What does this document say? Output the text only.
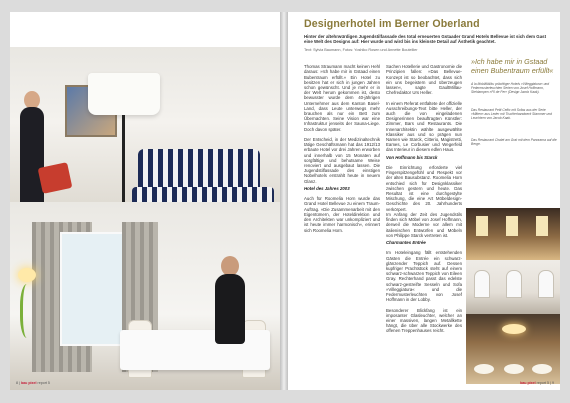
8 | bau pixel report 5
Designerhotel im Berner Oberland
Hinter der altehrwürdigen Jugendstilfassade des total erneuerten Gstaader Grand Hotels Bellevue ist sich dem Gast eine Welt des Designs auf: Hier wurde und wird bis ins kleinste Detail auf Ästhetik geachtet.
Text: Sylvia Baumann, Fotos: Yoshiko Rosen und Annette Boutellier

Thomas Straumann macht keinen Hehl daraus: »Ich habe mir in Gstaad einen Bubentraum erfüllt.« Ein Hotel zu besitzen hat er sich in jungen Jahren schon gewünscht. Und je mehr er in der Welt herum gekommen ist, desto bewusster wurde dem 40-jährigen Unternehmer aus dem Kanton Basel-Land, dass Leute unterwegs mehr brauchen als nur ein Bett zum Übernachten. Seine Vision war eine Infrastruktur jenseits der Sauna-Liege. Doch davon später.

Der Entscheid, in der Medizinaltechnik tätige Geschäftsmann hat das 1912/13 erbaute Hotel vor drei Jahren erworben und innerhalb von 15 Monaten auf sorgfältige und behutsame Weise renoviert und ausgebaut lassen. Die Jugendstilfassade des einstigen Nobelhotels erstrahlt heute in neuem Glanz.

Hotel des Jahres 2003

Auch für Roomelia Horn wurde das Grand Hotel Bellevue zu einem Traum-Auftrag. »Die Zusammenarbeit mit den Eigentümern, der Hoteldirektion und den Architekten war unkompliziert und ist heute immer harmonisch«, erinnert sich Roomelia Horn.

Sachen Hotellerie und Gastronomie die Prinzipien fallen: »Das Bellevue-Konzept ist so beobachtet, dass sich ein uns begeistern und überzeugen lassen«, sagte GaultMillau-Chefredaktor Urs Heller.

In einem Referat entfaltete der offizielle Ausschreibungs-Text bitte Heller, der auch die von eingeladenen Designerinnen beauftragten Künstler: Zimmer, Bars und Restaurants. Die Innenarchitektin wählte ausgewählte Klassiker aus und so prägen nun Namen wie Starck, Citterio, Magistretti, Eames, Le Corbusier und Wegerfeld das Interieur in diesem edlen Haus.

Von Hoffmann bis Starck

Die Einrichtung erforderte viel Fingerspitzengefühl und Respekt vor der alten Bausubstanz. Roomelia Horn entschied sich für Designklassiker zwischen gestern und heute. Das Resultat ist eine durchgestylte Mischung, die eine Art Möbeldesign-Geschichte des 20. Jahrhunderts verkörpert.
Im Anfang der Zeit des Jugendstils finden sich Möbel von Josef Hoffmann, derweil die Moderne vor allem mit italienischen Entwürfen und Möbeln von Philippe Starck vertreten ist.

Charmantes Entrée

Im Hoteleingang fällt entstehenden Gästen die Entrée ein schwarz-glänzender Teppich auf. Dessen kupfriger Prachtstück steht auf einem schwarz-schwarzen Teppich von Eileen Gray. Rechterhand passt das edelste schwarz-gestreifte Sesseln und Sofa »Villeggiatura« und die Federmusterleuchten von Josef Hoffmann in der Lobby.

Besonderer Blickfang ist ein imposanter Glasleuchter, welcher an einer massiven, langen Metallkette hängt, die über alle Stockwerke des offenen Treppenhauses reicht.

»Ich habe mir in Gstaad
einen Bubentraum erfüllt«
A la Mobilität/ku prächtiger Hotels »Villeggiatura« und Federmusterleuchten Serien von Josef Hoffmann, Stehlampen »Fil de Fer« (Design Jacob Kaak).
Das Restaurant Petit Celtic mit Sofas aus der Serie »Mitten« aus Leder mit Tischlerhandwerk Stammer und Leuchtern von Jacob Kaak.
Das Restaurant Chalet am Grat mit dem Panorama auf die Berge.
bau pixel report 5 | 9
